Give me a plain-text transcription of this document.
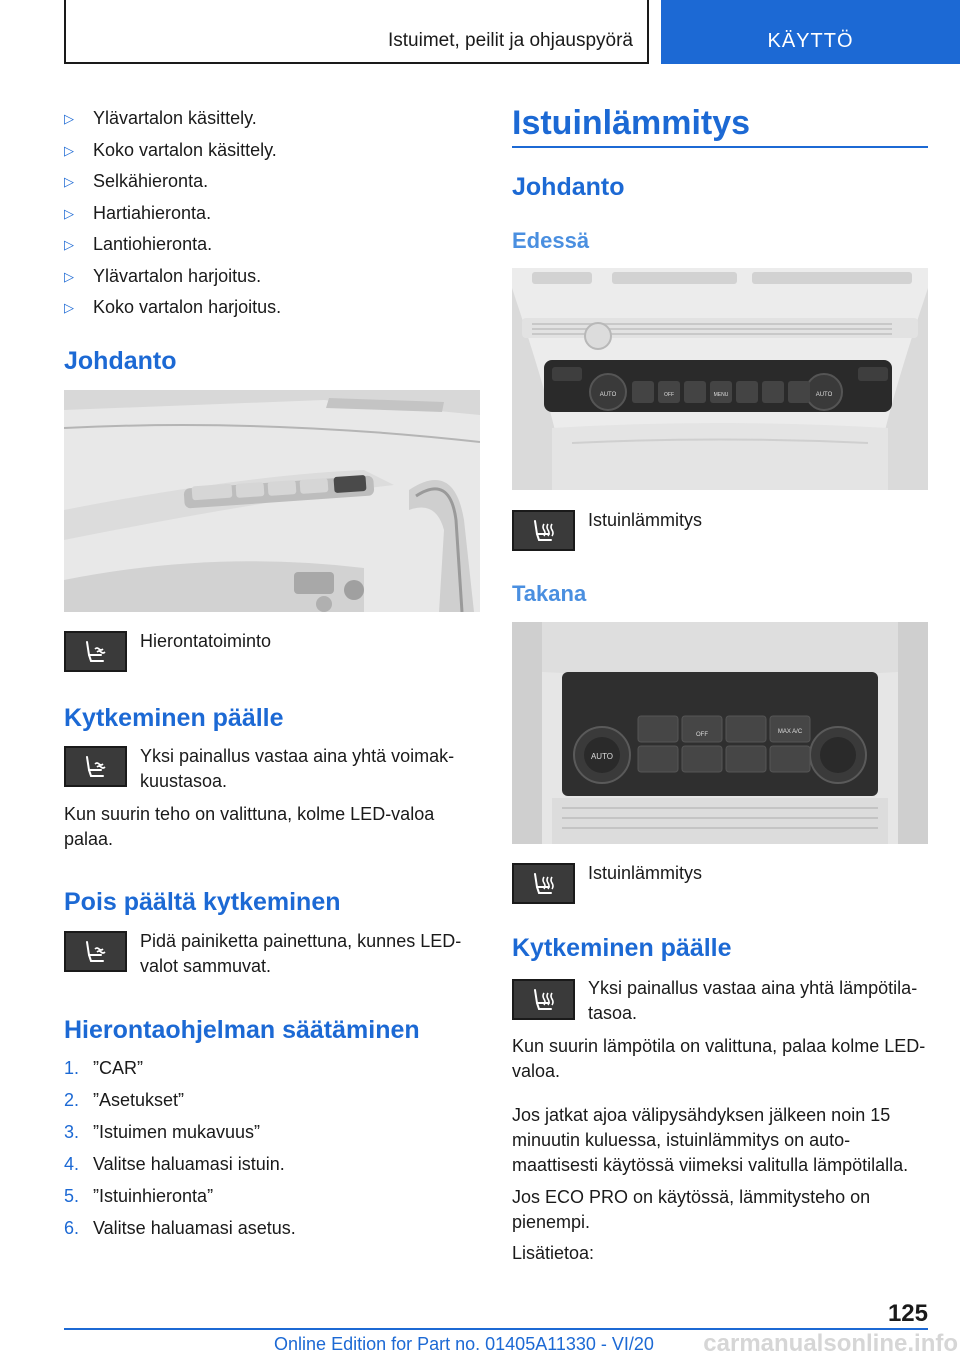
Istuimet, peilit ja ohjauspyörä	KÄYTTÖ
▷	Ylävartalon käsittely.
▷	Koko vartalon käsittely.
▷	Selkähieronta.
▷	Hartiahieronta.
▷	Lantiohieronta.
▷	Ylävartalon harjoitus.
▷	Koko vartalon harjoitus.
Johdanto
Hierontatoiminto
Kytkeminen päälle
Yksi painallus vastaa aina yhtä voimakkuustasoa.
Kun suurin teho on valittuna, kolme LED-valoa palaa.
Pois päältä kytkeminen
Pidä painiketta painettuna, kunnes LED-valot sammuvat.
Hierontaohjelman säätäminen
1. ”CAR”
2. ”Asetukset”
3. ”Istuimen mukavuus”
4. Valitse haluamasi istuin.
5. ”Istuinhieronta”
6. Valitse haluamasi asetus.
Istuinlämmitys
Johdanto
Edessä
AUTO	OFF	MENU	AUTO
Istuinlämmitys
Takana
AUTO
OFF	MAX A/C
Istuinlämmitys
Kytkeminen päälle
Yksi painallus vastaa aina yhtä lämpötilatasoa.
Kun suurin lämpötila on valittuna, palaa kolme LED-valoa.
Jos jatkat ajoa välipysähdyksen jälkeen noin 15 minuutin kuluessa, istuinlämmitys on automaattisesti käytössä viimeksi valitulla lämpötilalla.
Jos ECO PRO on käytössä, lämmitysteho on pienempi.
Lisätietoa:
125
Online Edition for Part no. 01405A11330 - VI/20	carmanualsonline.info
